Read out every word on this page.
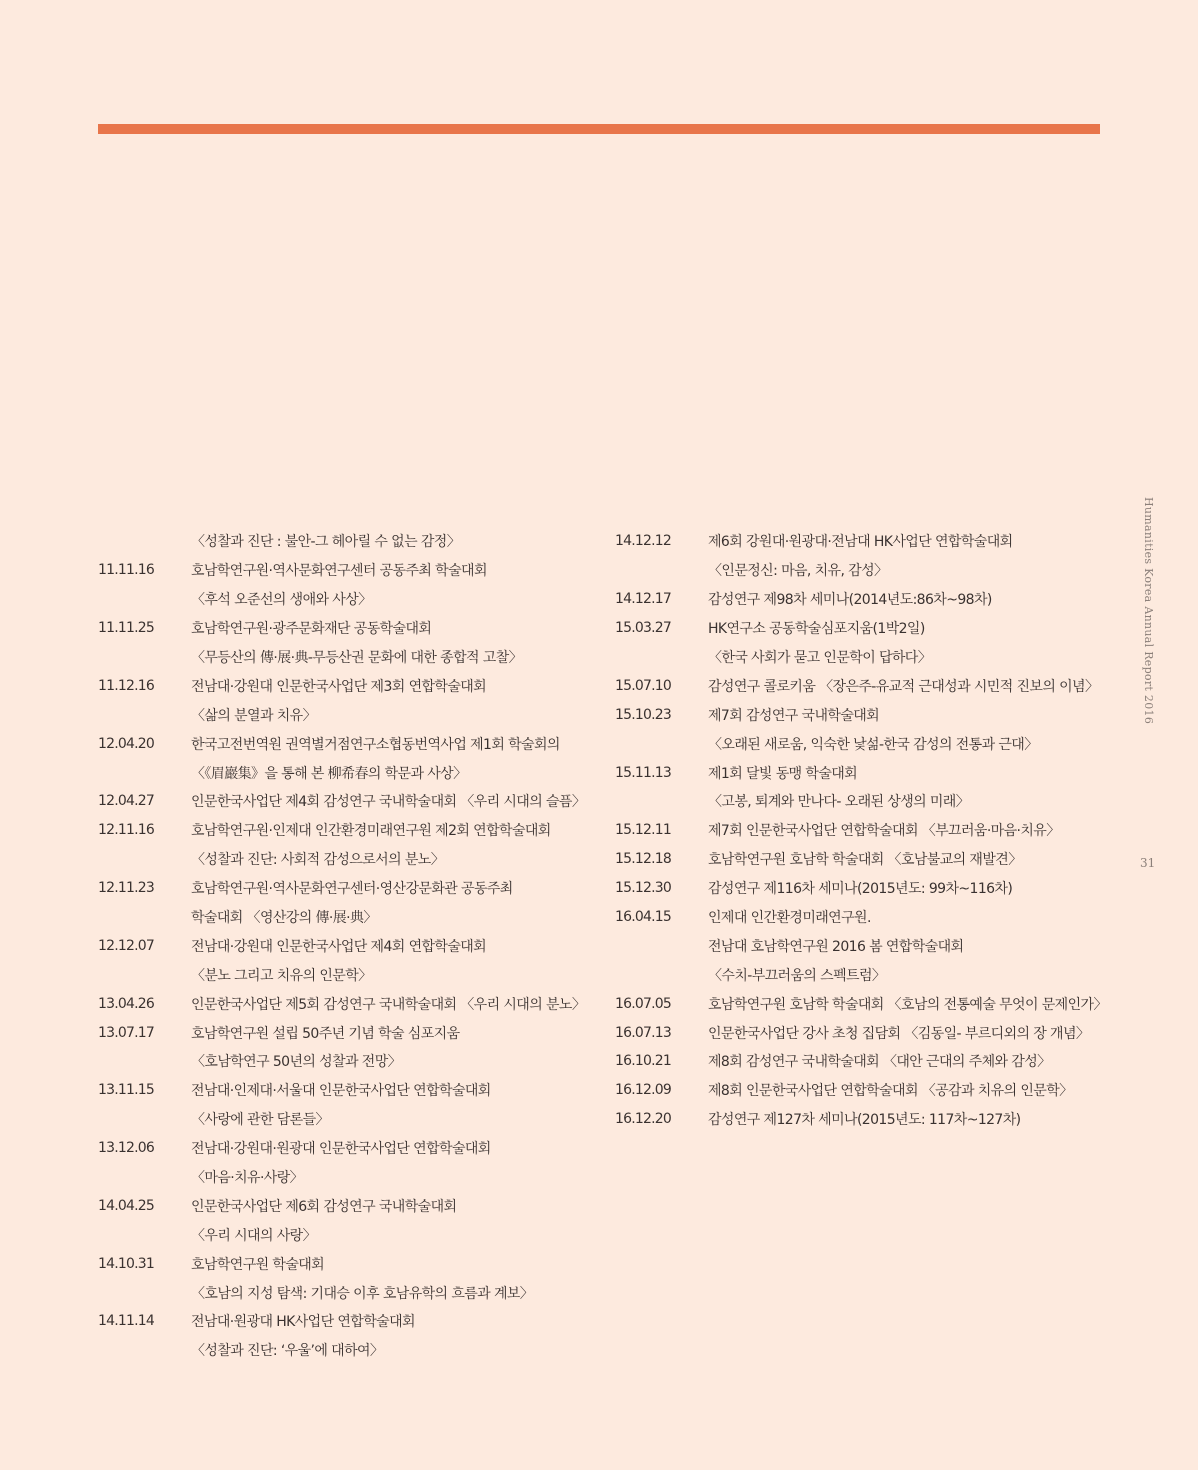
〈성찰과 진단 : 불안-그 헤아릴 수 없는 감정〉
11.11.16	호남학연구원·역사문화연구센터 공동주최 학술대회
〈후석 오준선의 생애와 사상〉
11.11.25	호남학연구원·광주문화재단 공동학술대회
〈무등산의 傳·展·典-무등산권 문화에 대한 종합적 고찰〉
11.12.16	전남대·강원대 인문한국사업단 제3회 연합학술대회
〈삶의 분열과 치유〉
12.04.20	한국고전번역원 권역별거점연구소협동번역사업 제1회 학술회의
〈《眉巖集》을 통해 본 柳希春의 학문과 사상〉
12.04.27	인문한국사업단 제4회 감성연구 국내학술대회 〈우리 시대의 슬픔〉
12.11.16	호남학연구원·인제대 인간환경미래연구원 제2회 연합학술대회
〈성찰과 진단: 사회적 감성으로서의 분노〉
12.11.23	호남학연구원·역사문화연구센터·영산강문화관 공동주최
학술대회 〈영산강의 傳·展·典〉
12.12.07	전남대·강원대 인문한국사업단 제4회 연합학술대회
〈분노 그리고 치유의 인문학〉
13.04.26	인문한국사업단 제5회 감성연구 국내학술대회 〈우리 시대의 분노〉
13.07.17	호남학연구원 설립 50주년 기념 학술 심포지움
〈호남학연구 50년의 성찰과 전망〉
13.11.15	전남대·인제대·서울대 인문한국사업단 연합학술대회
〈사랑에 관한 담론들〉
13.12.06	전남대·강원대·원광대 인문한국사업단 연합학술대회
〈마음·치유·사랑〉
14.04.25	인문한국사업단 제6회 감성연구 국내학술대회
〈우리 시대의 사랑〉
14.10.31	호남학연구원 학술대회
〈호남의 지성 탐색: 기대승 이후 호남유학의 흐름과 계보〉
14.11.14	전남대·원광대 HK사업단 연합학술대회
〈성찰과 진단: ‘우울’에 대하여〉
14.12.12	제6회 강원대·원광대·전남대 HK사업단 연합학술대회
〈인문정신: 마음, 치유, 감성〉
14.12.17	감성연구 제98차 세미나(2014년도:86차~98차)
15.03.27	HK연구소 공동학술심포지움(1박2일)
〈한국 사회가 묻고 인문학이 답하다〉
15.07.10	감성연구 콜로키움 〈장은주-유교적 근대성과 시민적 진보의 이념〉
15.10.23	제7회 감성연구 국내학술대회
〈오래된 새로움, 익숙한 낯섦-한국 감성의 전통과 근대〉
15.11.13	제1회 달빛 동맹 학술대회
〈고봉, 퇴계와 만나다- 오래된 상생의 미래〉
15.12.11	제7회 인문한국사업단 연합학술대회 〈부끄러움·마음·치유〉
15.12.18	호남학연구원 호남학 학술대회 〈호남불교의 재발견〉
15.12.30	감성연구 제116차 세미나(2015년도: 99차~116차)
16.04.15	인제대 인간환경미래연구원.
전남대 호남학연구원 2016 봄 연합학술대회
〈수치-부끄러움의 스펙트럼〉
16.07.05	호남학연구원 호남학 학술대회 〈호남의 전통예술 무엇이 문제인가〉
16.07.13	인문한국사업단 강사 초청 집담회 〈김동일- 부르디외의 장 개념〉
16.10.21	제8회 감성연구 국내학술대회 〈대안 근대의 주체와 감성〉
16.12.09	제8회 인문한국사업단 연합학술대회 〈공감과 치유의 인문학〉
16.12.20	감성연구 제127차 세미나(2015년도: 117차~127차)
Humanities Korea Annual Report 2016
31
